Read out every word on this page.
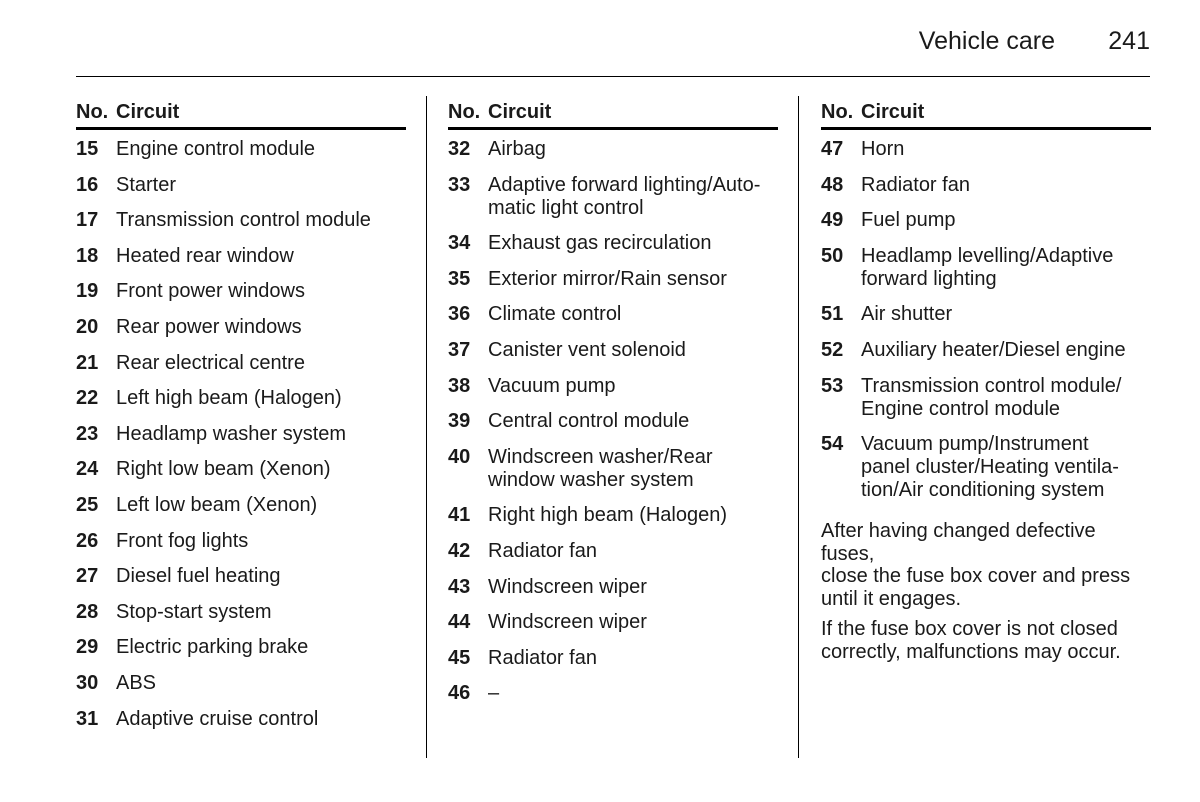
Vehicle care 241
No. Circuit
15 Engine control module
16 Starter
17 Transmission control module
18 Heated rear window
19 Front power windows
20 Rear power windows
21 Rear electrical centre
22 Left high beam (Halogen)
23 Headlamp washer system
24 Right low beam (Xenon)
25 Left low beam (Xenon)
26 Front fog lights
27 Diesel fuel heating
28 Stop-start system
29 Electric parking brake
30 ABS
31 Adaptive cruise control
No. Circuit
32 Airbag
33 Adaptive forward lighting/Auto-
matic light control
34 Exhaust gas recirculation
35 Exterior mirror/Rain sensor
36 Climate control
37 Canister vent solenoid
38 Vacuum pump
39 Central control module
40 Windscreen washer/Rear
window washer system
41 Right high beam (Halogen)
42 Radiator fan
43 Windscreen wiper
44 Windscreen wiper
45 Radiator fan
46 –
No. Circuit
47 Horn
48 Radiator fan
49 Fuel pump
50 Headlamp levelling/Adaptive
forward lighting
51 Air shutter
52 Auxiliary heater/Diesel engine
53 Transmission control module/
Engine control module
54 Vacuum pump/Instrument
panel cluster/Heating ventila-
tion/Air conditioning system

After having changed defective fuses,
close the fuse box cover and press
until it engages.

If the fuse box cover is not closed
correctly, malfunctions may occur.
